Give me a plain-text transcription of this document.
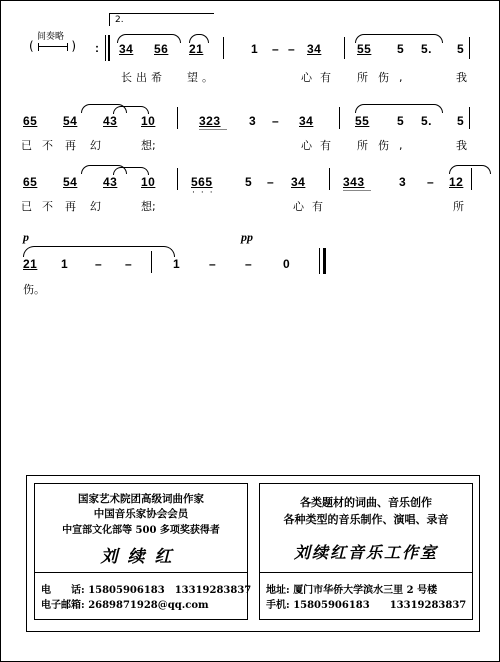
间奏略
(	)
2.
: 34 56 21	1 – – 34	55 5 5. 5
长出希 望。	心有 所伤,	我
65 54 43 10	323 3 – 34	55 5 5. 5
已不 再幻 想;	心有 所伤,	我
65 54 43 10	565
···
5 – 34	343	3 – 12
已不 再幻 想;	心有	所
p	pp
21 1 – –	1 – –	0
伤。
国家艺术院团高级词曲作家
中国音乐家协会会员
中宣部文化部等 500 多项奖获得者
刘续红
电　　话: 15805906183　13319283837
电子邮箱: 2689871928@qq.com
各类题材的词曲、音乐创作
各种类型的音乐制作、演唱、录音
刘续红音乐工作室
地址: 厦门市华侨大学滨水三里 2 号楼
手机: 15805906183　　13319283837
